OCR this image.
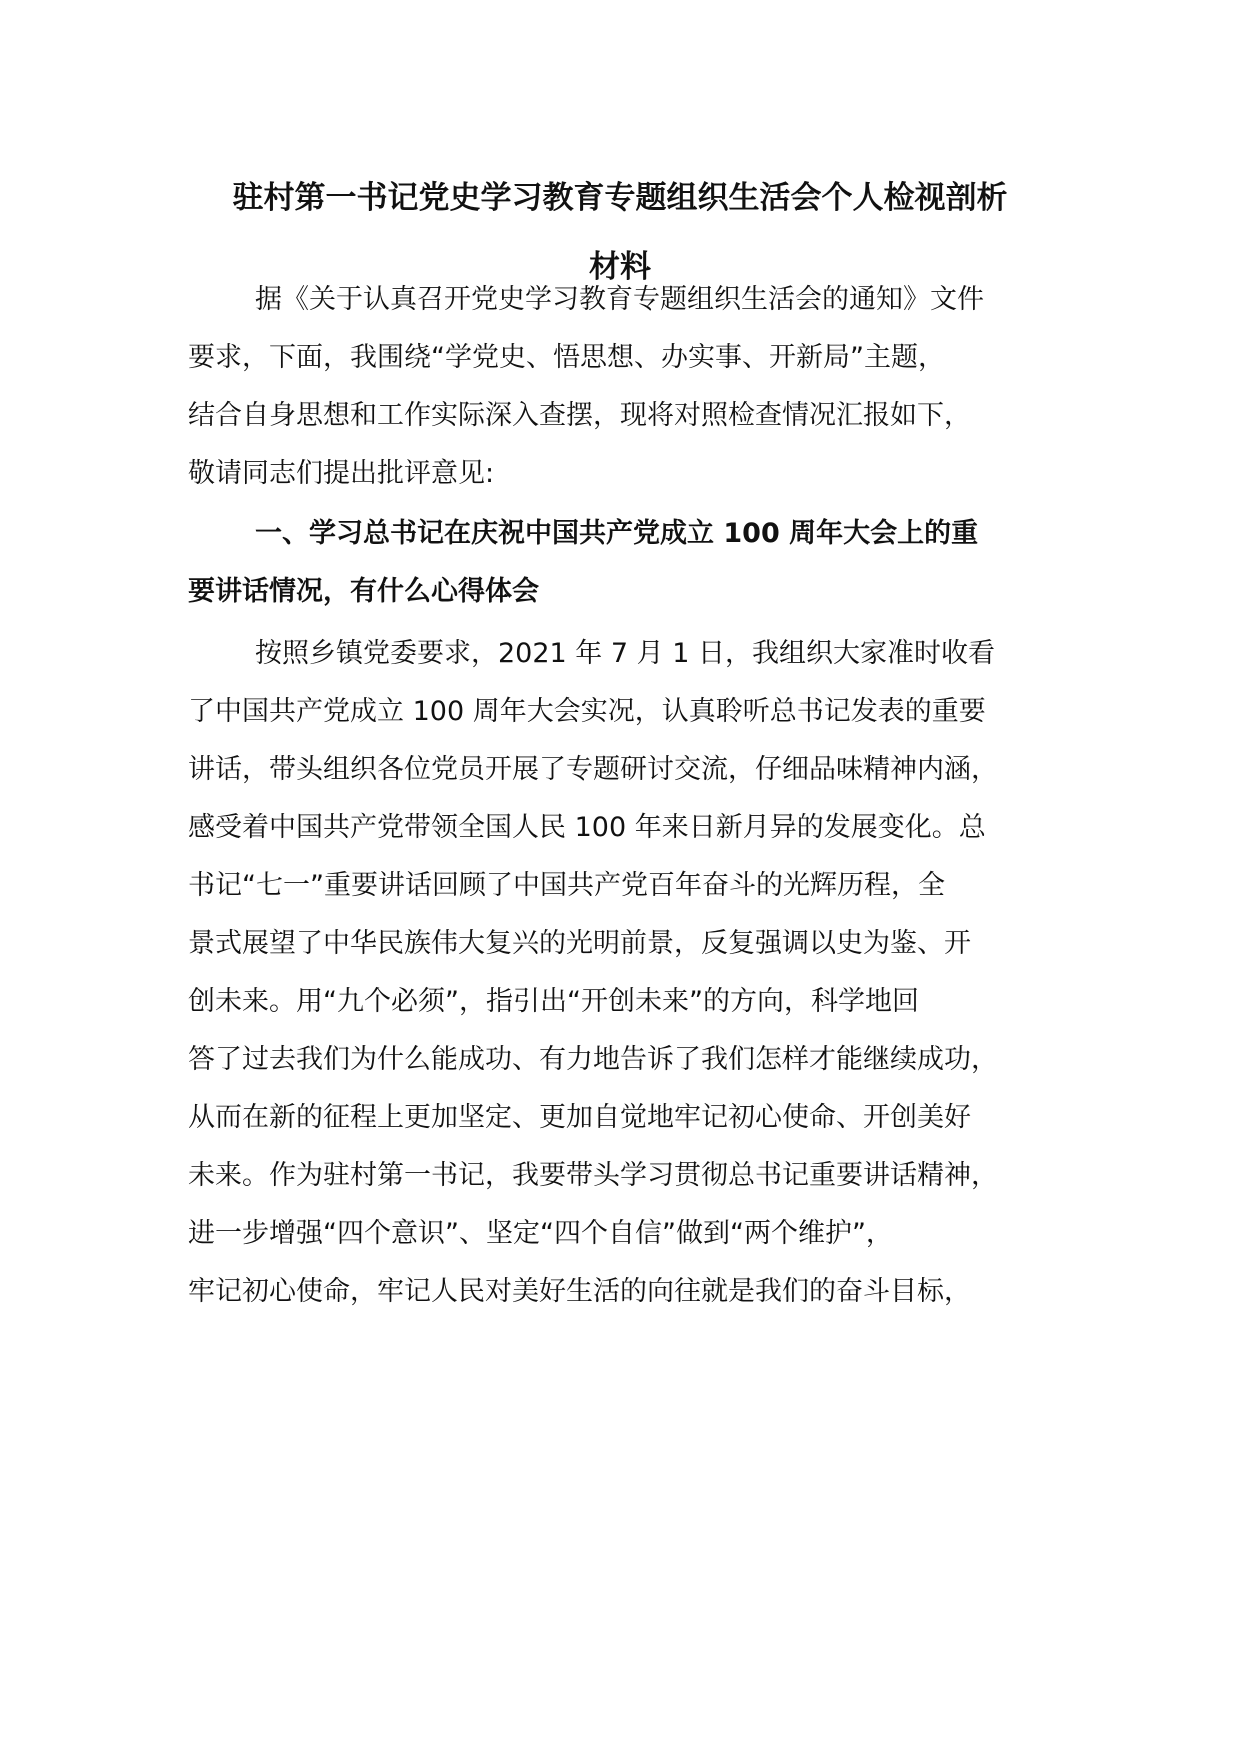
驻村第一书记党史学习教育专题组织生活会个人检视剖析
材料

据《关于认真召开党史学习教育专题组织生活会的通知》文件

要求，下面，我围绕“学党史、悟思想、办实事、开新局”主题，

结合自身思想和工作实际深入查摆，现将对照检查情况汇报如下，

敬请同志们提出批评意见:

一、学习总书记在庆祝中国共产党成立 100 周年大会上的重

要讲话情况，有什么心得体会

按照乡镇党委要求，2021 年 7 月 1 日，我组织大家准时收看

了中国共产党成立 100 周年大会实况，认真聆听总书记发表的重要

讲话，带头组织各位党员开展了专题研讨交流，仔细品味精神内涵，

感受着中国共产党带领全国人民 100 年来日新月异的发展变化。总

书记“七一”重要讲话回顾了中国共产党百年奋斗的光辉历程，全

景式展望了中华民族伟大复兴的光明前景，反复强调以史为鉴、开

创未来。用“九个必须”，指引出“开创未来”的方向，科学地回

答了过去我们为什么能成功、有力地告诉了我们怎样才能继续成功，

从而在新的征程上更加坚定、更加自觉地牢记初心使命、开创美好

未来。作为驻村第一书记，我要带头学习贯彻总书记重要讲话精神，

进一步增强“四个意识”、坚定“四个自信”做到“两个维护”，

牢记初心使命，牢记人民对美好生活的向往就是我们的奋斗目标，
